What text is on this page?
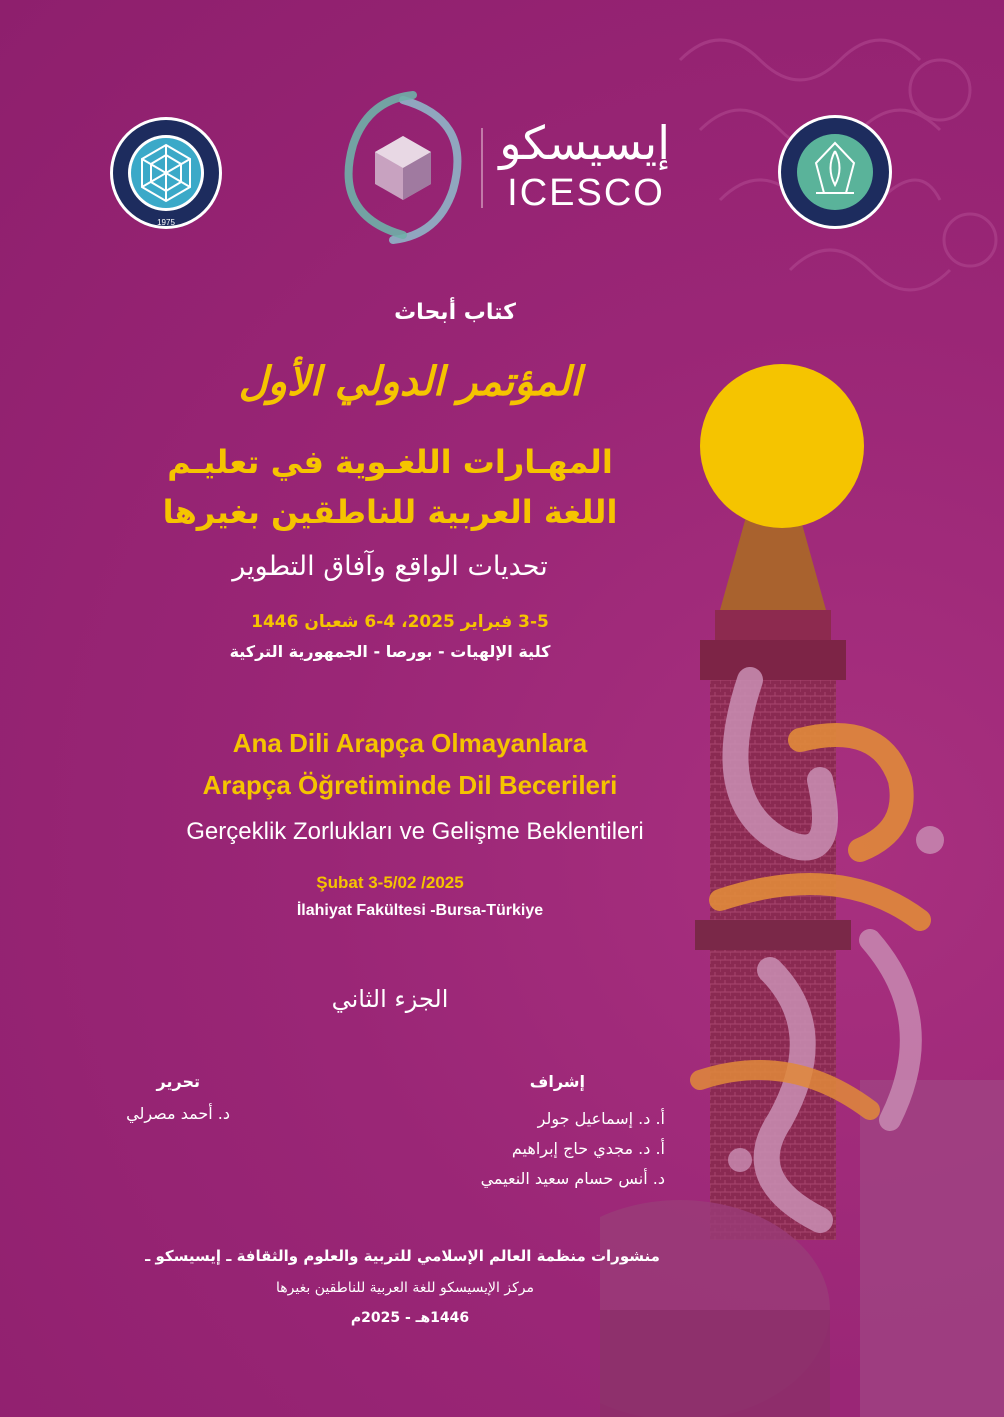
1975
إيسيسكو
ICESCO
كتاب أبحاث
المؤتمر الدولي الأول
المهـارات اللغـوية في تعليـم
اللغة العربية للناطقين بغيرها
تحديات الواقع وآفاق التطوير
3-5 فبراير 2025، 4-6 شعبان 1446
كلية الإلهيات - بورصا - الجمهورية التركية
Ana Dili Arapça Olmayanlara
Arapça Öğretiminde Dil Becerileri
Gerçeklik Zorlukları ve Gelişme Beklentileri
Şubat 3-5/02 /2025
İlahiyat Fakültesi -Bursa-Türkiye
الجزء الثاني
تحرير
د. أحمد مصرلي
إشراف
أ. د. إسماعيل جولر
أ. د. مجدي حاج إبراهيم
د. أنس حسام سعيد النعيمي
منشورات منظمة العالم الإسلامي للتربية والعلوم والثقافة ـ إيسيسكو ـ
مركز الإيسيسكو للغة العربية للناطقين بغيرها
1446هـ - 2025م
